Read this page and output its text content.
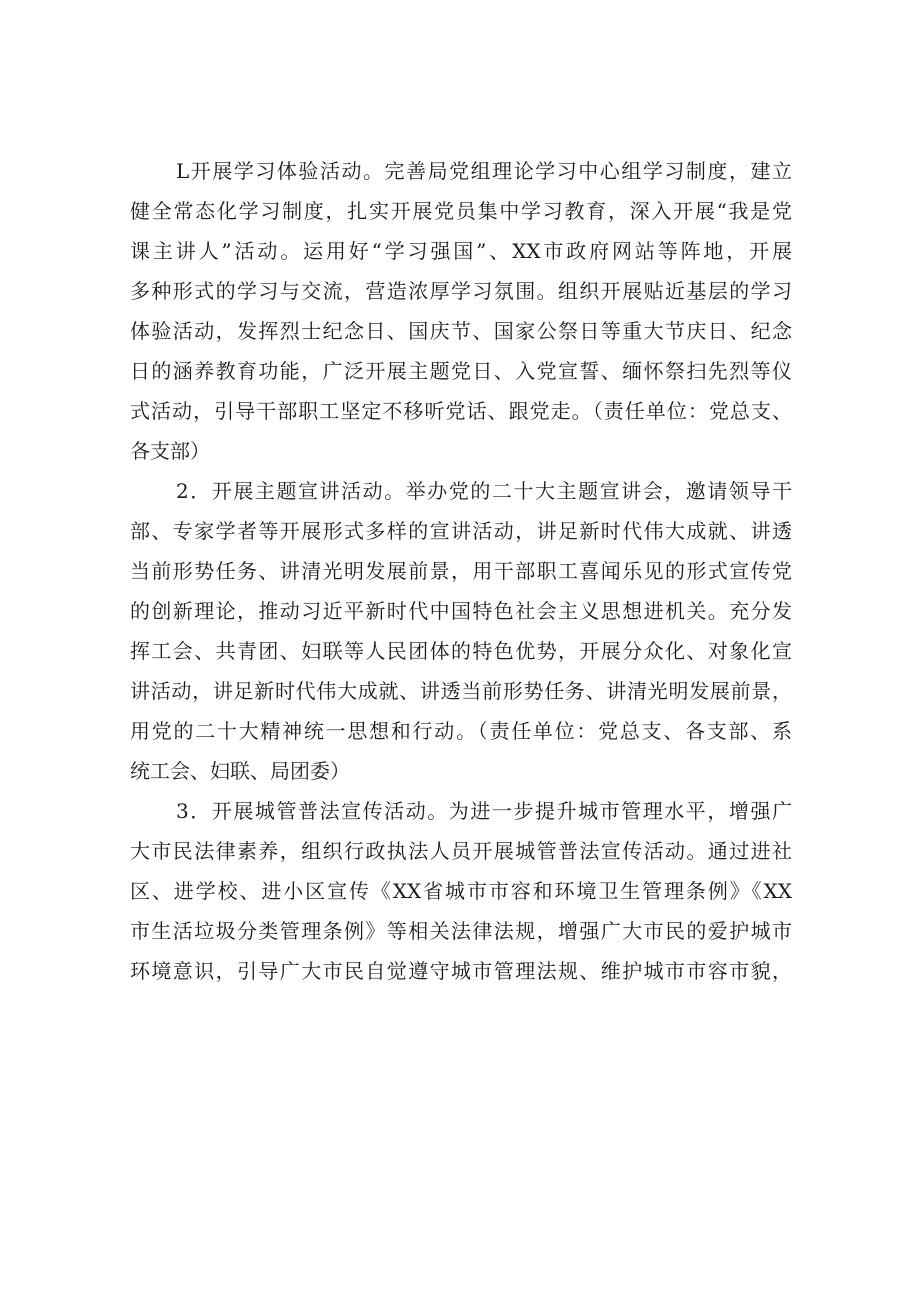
L开展学习体验活动。完善局党组理论学习中心组学习制度，建立
健全常态化学习制度，扎实开展党员集中学习教育，深入开展“我是党
课主讲人”活动。运用好“学习强国”、XX市政府网站等阵地，开展
多种形式的学习与交流，营造浓厚学习氛围。组织开展贴近基层的学习
体验活动，发挥烈士纪念日、国庆节、国家公祭日等重大节庆日、纪念
日的涵养教育功能，广泛开展主题党日、入党宣誓、缅怀祭扫先烈等仪
式活动，引导干部职工坚定不移听党话、跟党走。（责任单位：党总支、
各支部）

2．开展主题宣讲活动。举办党的二十大主题宣讲会，邀请领导干
部、专家学者等开展形式多样的宣讲活动，讲足新时代伟大成就、讲透
当前形势任务、讲清光明发展前景，用干部职工喜闻乐见的形式宣传党
的创新理论，推动习近平新时代中国特色社会主义思想进机关。充分发
挥工会、共青团、妇联等人民团体的特色优势，开展分众化、对象化宣
讲活动，讲足新时代伟大成就、讲透当前形势任务、讲清光明发展前景，
用党的二十大精神统一思想和行动。（责任单位：党总支、各支部、系
统工会、妇联、局团委）

3．开展城管普法宣传活动。为进一步提升城市管理水平，增强广
大市民法律素养，组织行政执法人员开展城管普法宣传活动。通过进社
区、进学校、进小区宣传《XX省城市市容和环境卫生管理条例》《XX
市生活垃圾分类管理条例》等相关法律法规，增强广大市民的爱护城市
环境意识，引导广大市民自觉遵守城市管理法规、维护城市市容市貌，
